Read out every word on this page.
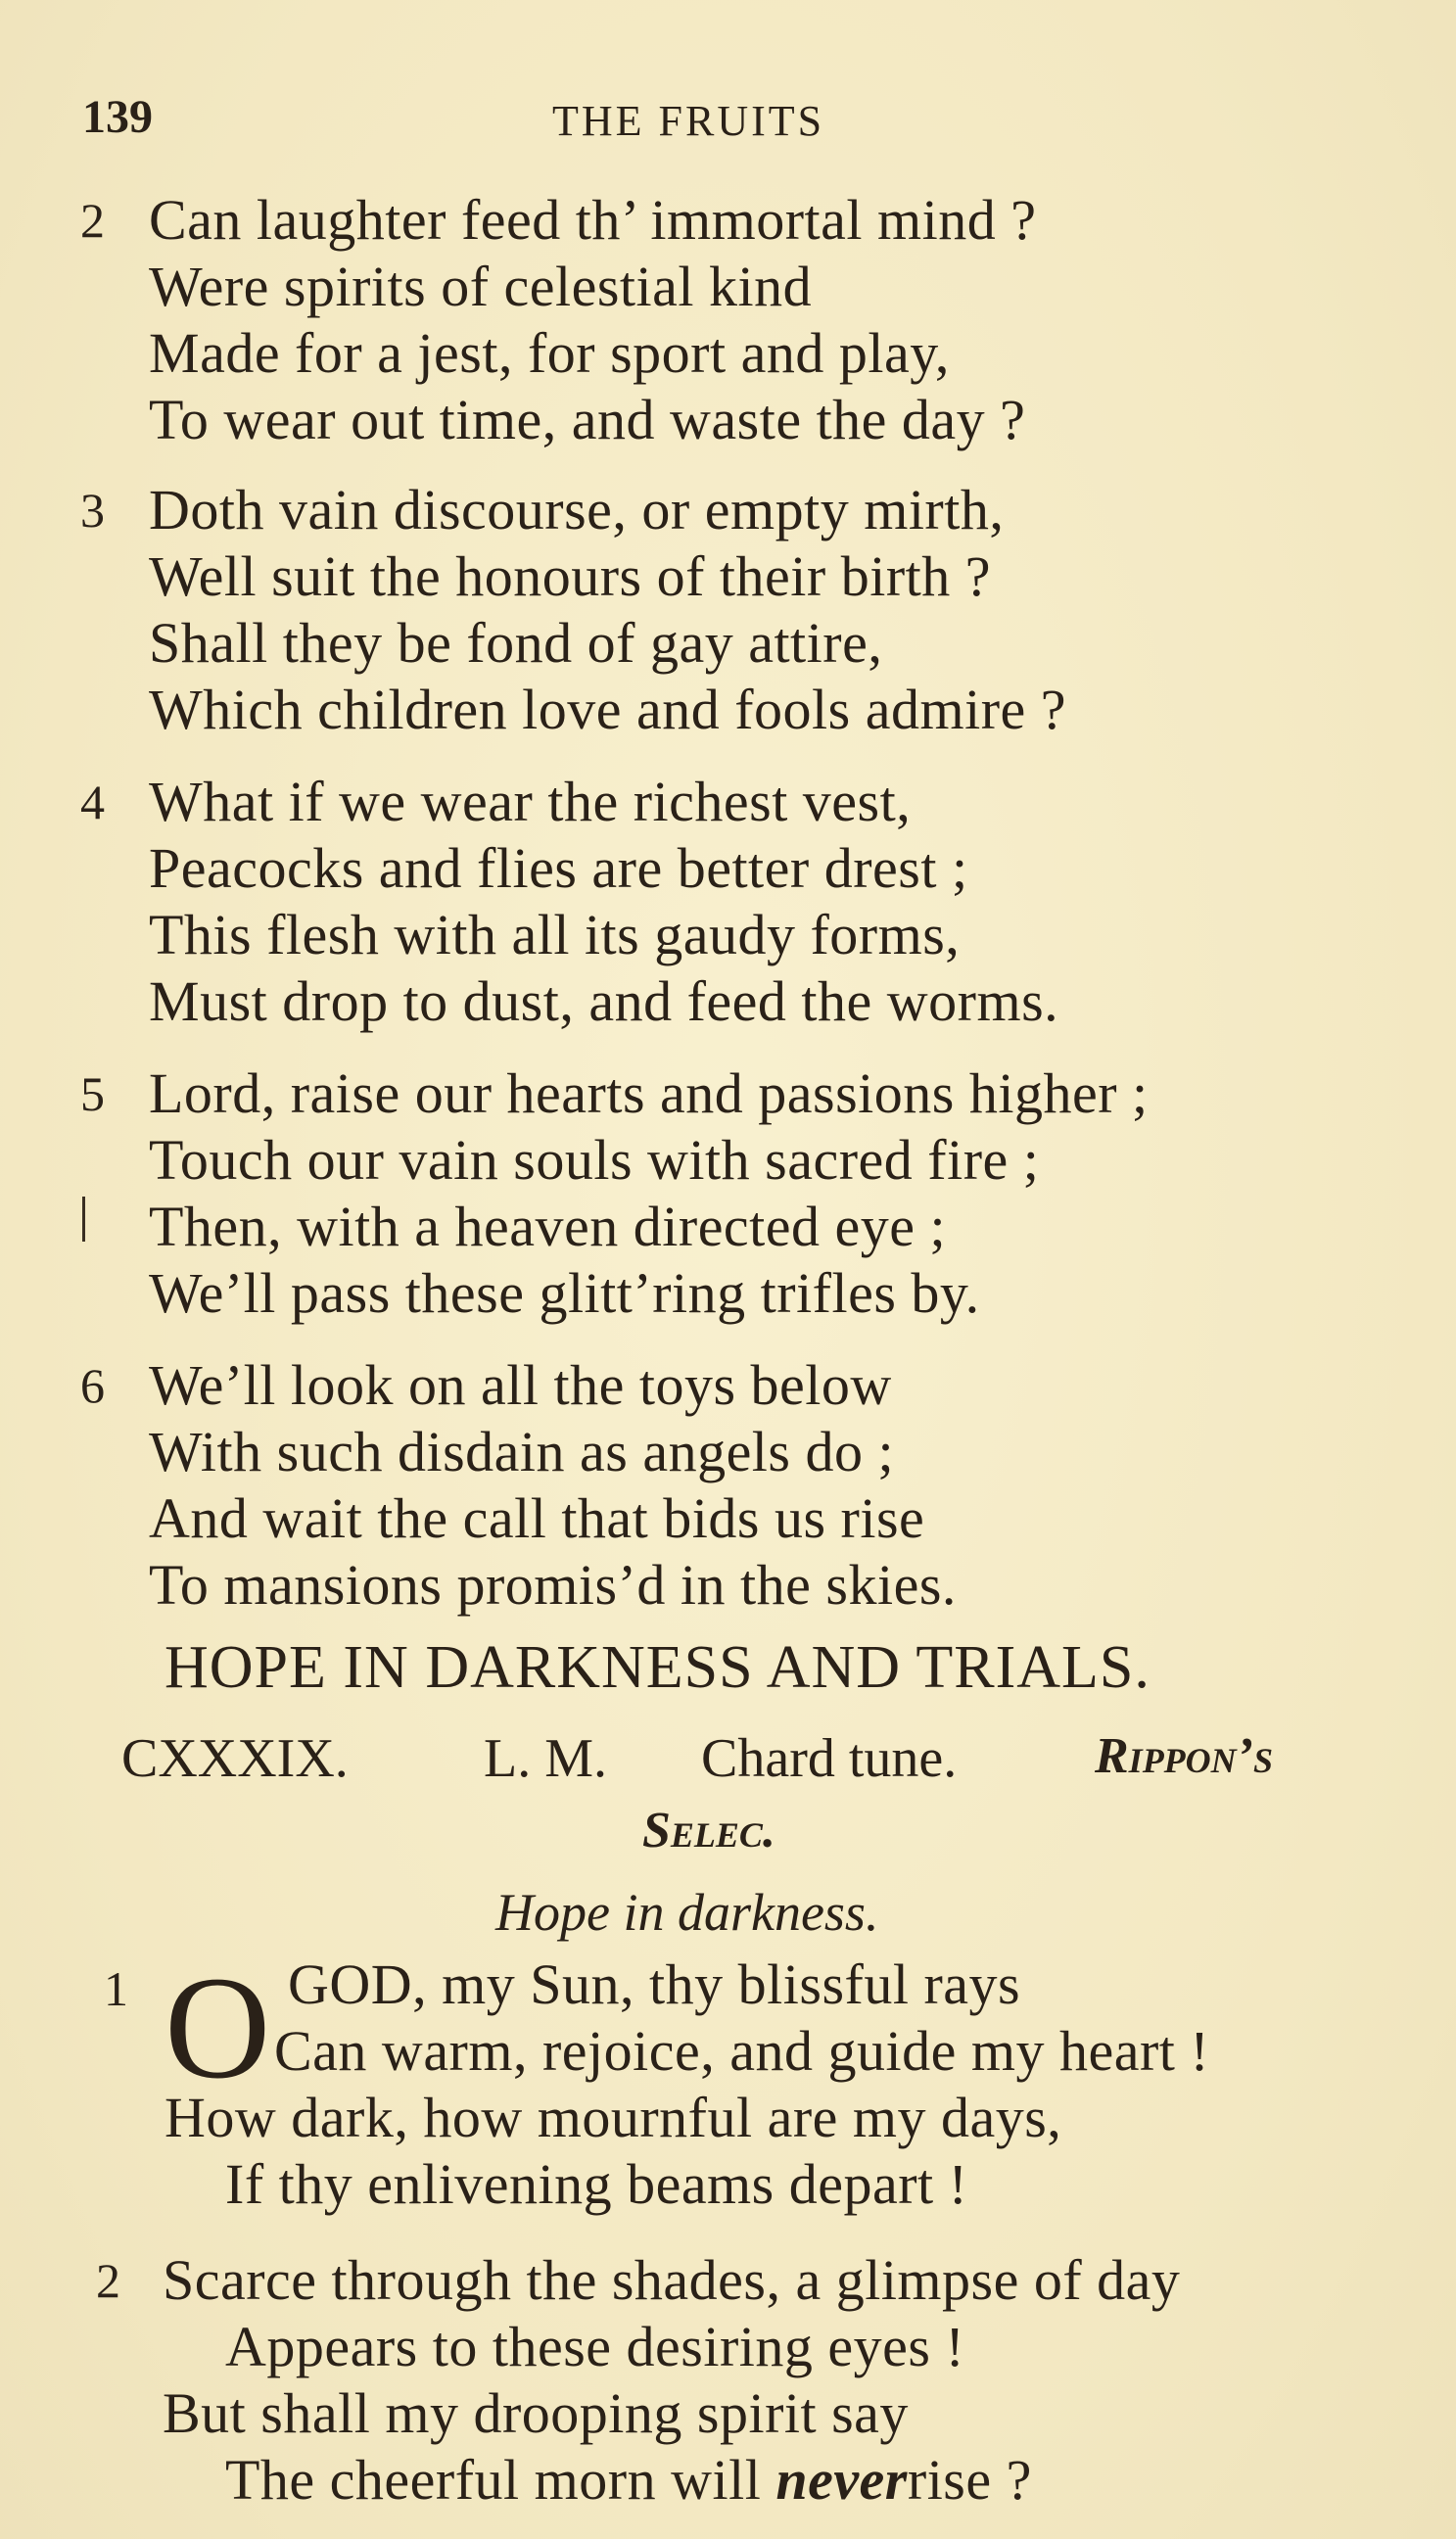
139	THE FRUITS
2 Can laughter feed th’ immortal mind ?
Were spirits of celestial kind
Made for a jest, for sport and play,
To wear out time, and waste the day ?
3 Doth vain discourse, or empty mirth,
Well suit the honours of their birth ?
Shall they be fond of gay attire,
Which children love and fools admire ?
4 What if we wear the richest vest,
Peacocks and flies are better drest ;
This flesh with all its gaudy forms,
Must drop to dust, and feed the worms.
5 Lord, raise our hearts and passions higher ;
Touch our vain souls with sacred fire ;
Then, with a heaven directed eye ;
We’ll pass these glitt’ring trifles by.
6 We’ll look on all the toys below
With such disdain as angels do ;
And wait the call that bids us rise
To mansions promis’d in the skies.
HOPE IN DARKNESS AND TRIALS.
CXXXIX. L. M. Chard tune.	Rippon’s
Selec.
Hope in darkness.
1 O GOD, my Sun, thy blissful rays
Can warm, rejoice, and guide my heart !
How dark, how mournful are my days,
If thy enlivening beams depart !
2 Scarce through the shades, a glimpse of day
Appears to these desiring eyes !
But shall my drooping spirit say
The cheerful morn will neverrise ?
